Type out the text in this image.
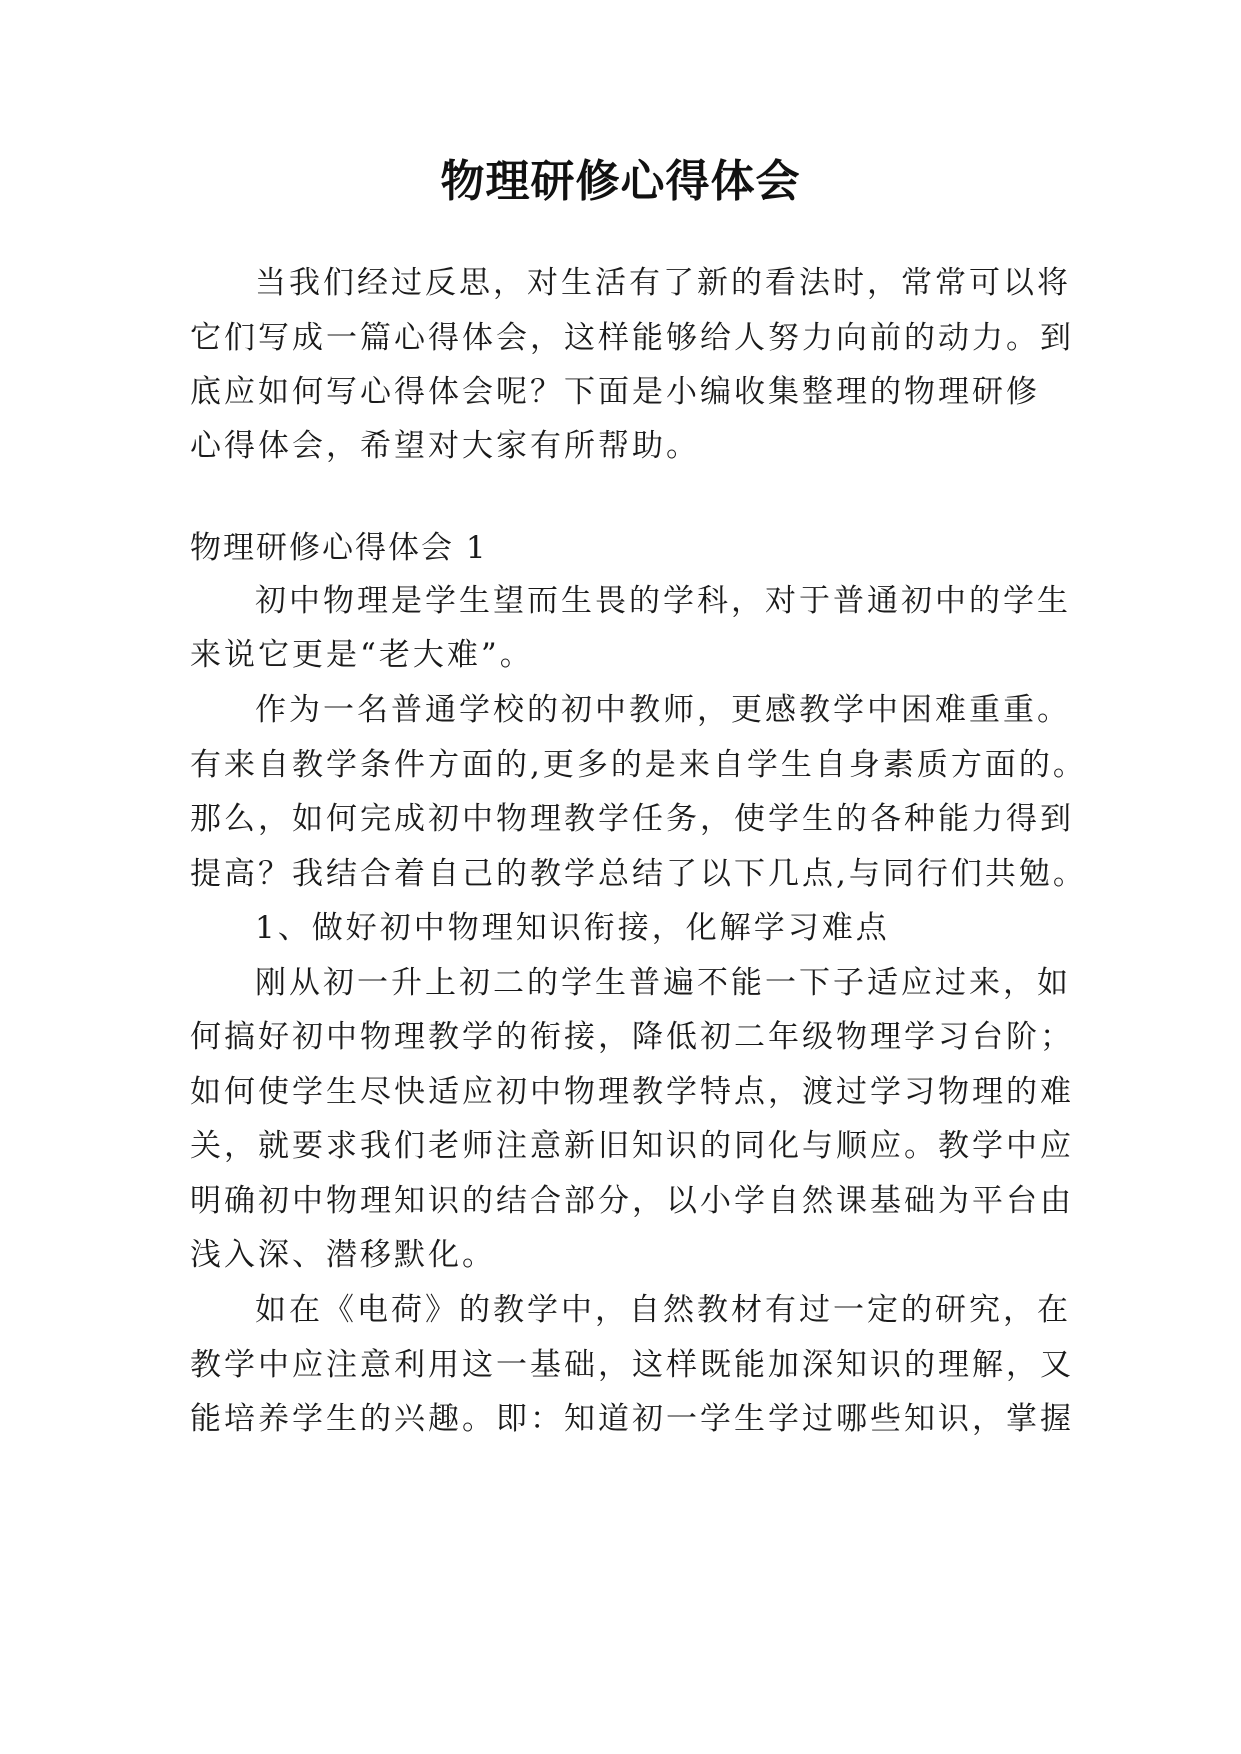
物理研修心得体会
当我们经过反思，对生活有了新的看法时，常常可以将
它们写成一篇心得体会，这样能够给人努力向前的动力。到
底应如何写心得体会呢？下面是小编收集整理的物理研修
心得体会，希望对大家有所帮助。
物理研修心得体会 1
初中物理是学生望而生畏的学科，对于普通初中的学生
来说它更是“老大难”。
作为一名普通学校的初中教师，更感教学中困难重重。
有来自教学条件方面的,更多的是来自学生自身素质方面的。
那么，如何完成初中物理教学任务，使学生的各种能力得到
提高？我结合着自己的教学总结了以下几点,与同行们共勉。
1、做好初中物理知识衔接，化解学习难点
刚从初一升上初二的学生普遍不能一下子适应过来，如
何搞好初中物理教学的衔接，降低初二年级物理学习台阶；
如何使学生尽快适应初中物理教学特点，渡过学习物理的难
关，就要求我们老师注意新旧知识的同化与顺应。教学中应
明确初中物理知识的结合部分，以小学自然课基础为平台由
浅入深、潜移默化。
如在《电荷》的教学中，自然教材有过一定的研究，在
教学中应注意利用这一基础，这样既能加深知识的理解，又
能培养学生的兴趣。即：知道初一学生学过哪些知识，掌握
